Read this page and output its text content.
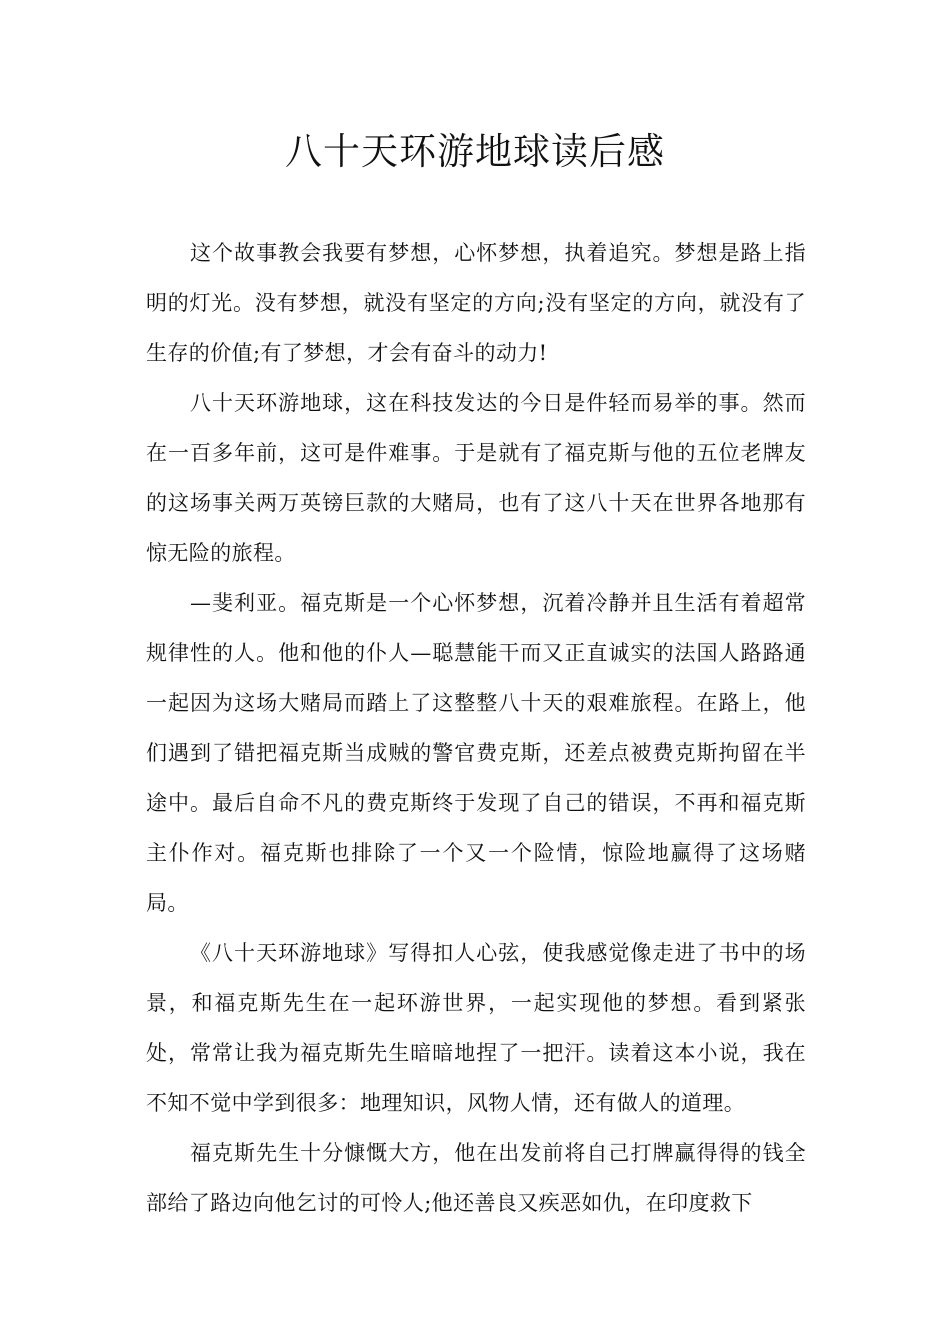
八十天环游地球读后感

这个故事教会我要有梦想，心怀梦想，执着追究。梦想是路上指明的灯光。没有梦想，就没有坚定的方向;没有坚定的方向，就没有了生存的价值;有了梦想，才会有奋斗的动力!

八十天环游地球，这在科技发达的今日是件轻而易举的事。然而在一百多年前，这可是件难事。于是就有了福克斯与他的五位老牌友的这场事关两万英镑巨款的大赌局，也有了这八十天在世界各地那有惊无险的旅程。

—斐利亚。福克斯是一个心怀梦想，沉着冷静并且生活有着超常规律性的人。他和他的仆人—聪慧能干而又正直诚实的法国人路路通一起因为这场大赌局而踏上了这整整八十天的艰难旅程。在路上，他们遇到了错把福克斯当成贼的警官费克斯，还差点被费克斯拘留在半途中。最后自命不凡的费克斯终于发现了自己的错误，不再和福克斯主仆作对。福克斯也排除了一个又一个险情，惊险地赢得了这场赌局。

《八十天环游地球》写得扣人心弦，使我感觉像走进了书中的场景，和福克斯先生在一起环游世界，一起实现他的梦想。看到紧张处，常常让我为福克斯先生暗暗地捏了一把汗。读着这本小说，我在不知不觉中学到很多：地理知识，风物人情，还有做人的道理。

福克斯先生十分慷慨大方，他在出发前将自己打牌赢得得的钱全部给了路边向他乞讨的可怜人;他还善良又疾恶如仇，在印度救下
